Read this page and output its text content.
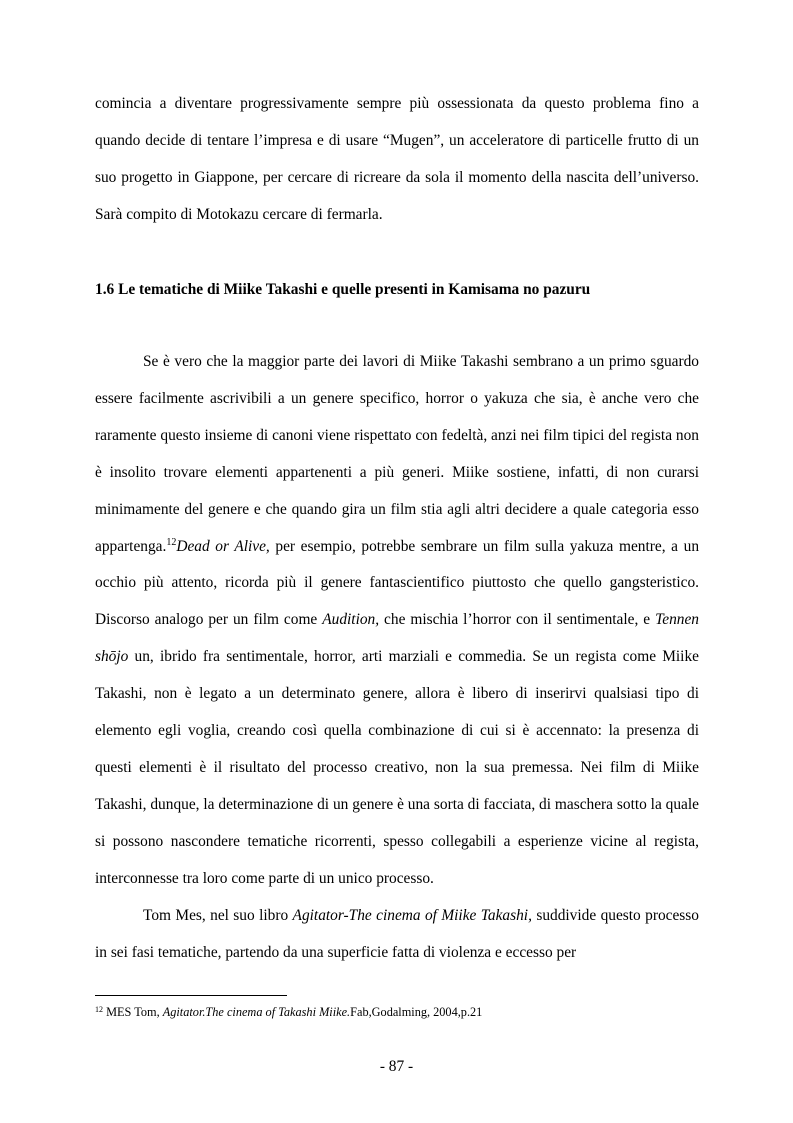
comincia a diventare progressivamente sempre più ossessionata da questo problema fino a quando decide di tentare l’impresa e di usare “Mugen”, un acceleratore di particelle frutto di un suo progetto in Giappone, per cercare di ricreare da sola il momento della nascita dell’universo. Sarà compito di Motokazu cercare di fermarla.

1.6 Le tematiche di Miike Takashi e quelle presenti in Kamisama no pazuru

Se è vero che la maggior parte dei lavori di Miike Takashi sembrano a un primo sguardo essere facilmente ascrivibili a un genere specifico, horror o yakuza che sia, è anche vero che raramente questo insieme di canoni viene rispettato con fedeltà, anzi nei film tipici del regista non è insolito trovare elementi appartenenti a più generi. Miike sostiene, infatti, di non curarsi minimamente del genere e che quando gira un film stia agli altri decidere a quale categoria esso appartenga.$^{12}$Dead or Alive, per esempio, potrebbe sembrare un film sulla yakuza mentre, a un occhio più attento, ricorda più il genere fantascientifico piuttosto che quello gangsteristico. Discorso analogo per un film come Audition, che mischia l’horror con il sentimentale, e Tennen shōjo un, ibrido fra sentimentale, horror, arti marziali e commedia. Se un regista come Miike Takashi, non è legato a un determinato genere, allora è libero di inserirvi qualsiasi tipo di elemento egli voglia, creando così quella combinazione di cui si è accennato: la presenza di questi elementi è il risultato del processo creativo, non la sua premessa. Nei film di Miike Takashi, dunque, la determinazione di un genere è una sorta di facciata, di maschera sotto la quale si possono nascondere tematiche ricorrenti, spesso collegabili a esperienze vicine al regista, interconnesse tra loro come parte di un unico processo.

Tom Mes, nel suo libro Agitator-The cinema of Miike Takashi, suddivide questo processo in sei fasi tematiche, partendo da una superficie fatta di violenza e eccesso per

$^{12}$ MES Tom, Agitator.The cinema of Takashi Miike.Fab,Godalming, 2004,p.21
- 87 -
